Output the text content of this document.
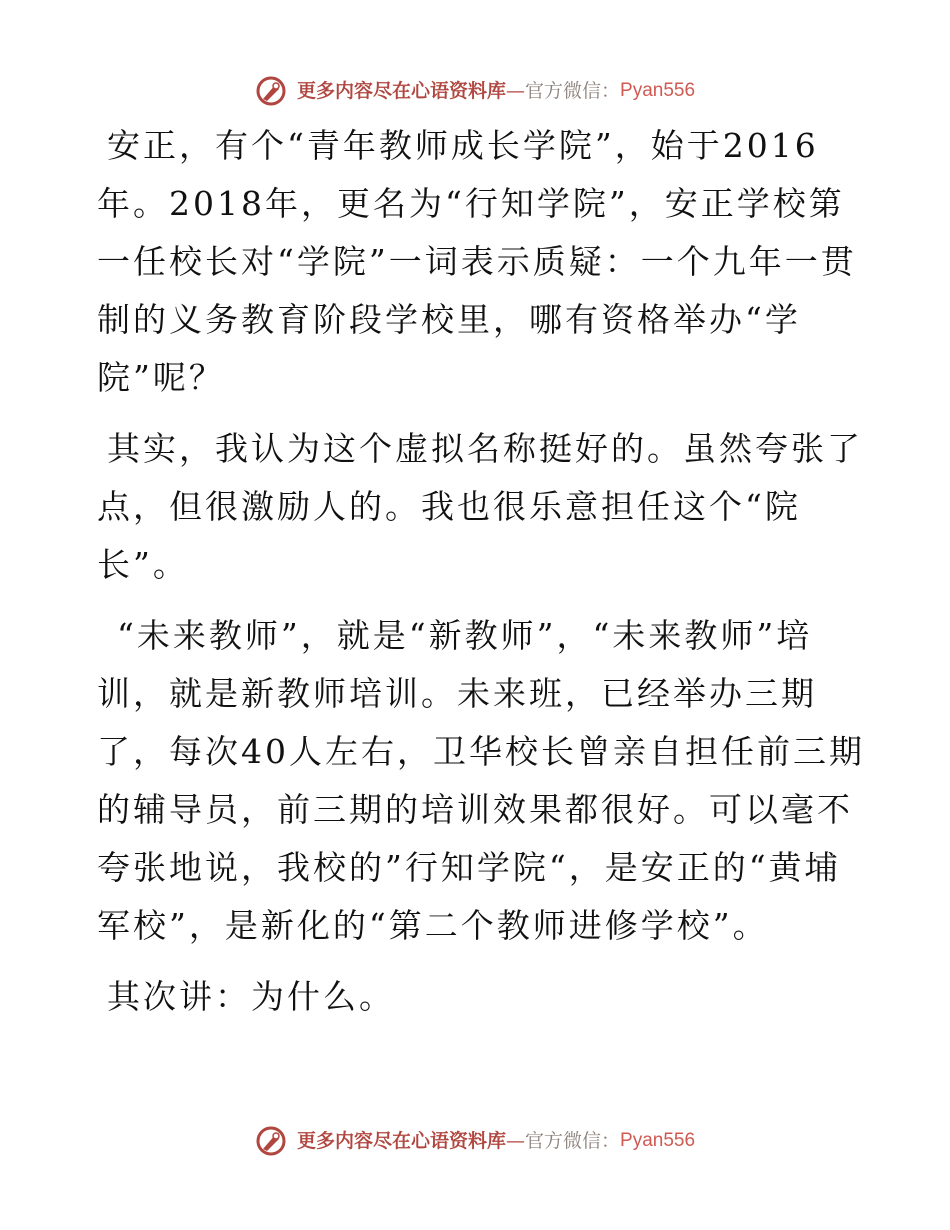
更多内容尽在心语资料库—官方微信：Pyan556

安正，有个“青年教师成长学院”，始于2016年。2018年，更名为“行知学院”，安正学校第一任校长对“学院”一词表示质疑：一个九年一贯制的义务教育阶段学校里，哪有资格举办“学院”呢？

其实，我认为这个虚拟名称挺好的。虽然夸张了点，但很激励人的。我也很乐意担任这个“院长”。

“未来教师”，就是“新教师”，“未来教师”培训，就是新教师培训。未来班，已经举办三期了，每次40人左右，卫华校长曾亲自担任前三期的辅导员，前三期的培训效果都很好。可以毫不夸张地说，我校的”行知学院“，是安正的“黄埔军校”，是新化的“第二个教师进修学校”。

其次讲：为什么。

更多内容尽在心语资料库—官方微信：Pyan556
